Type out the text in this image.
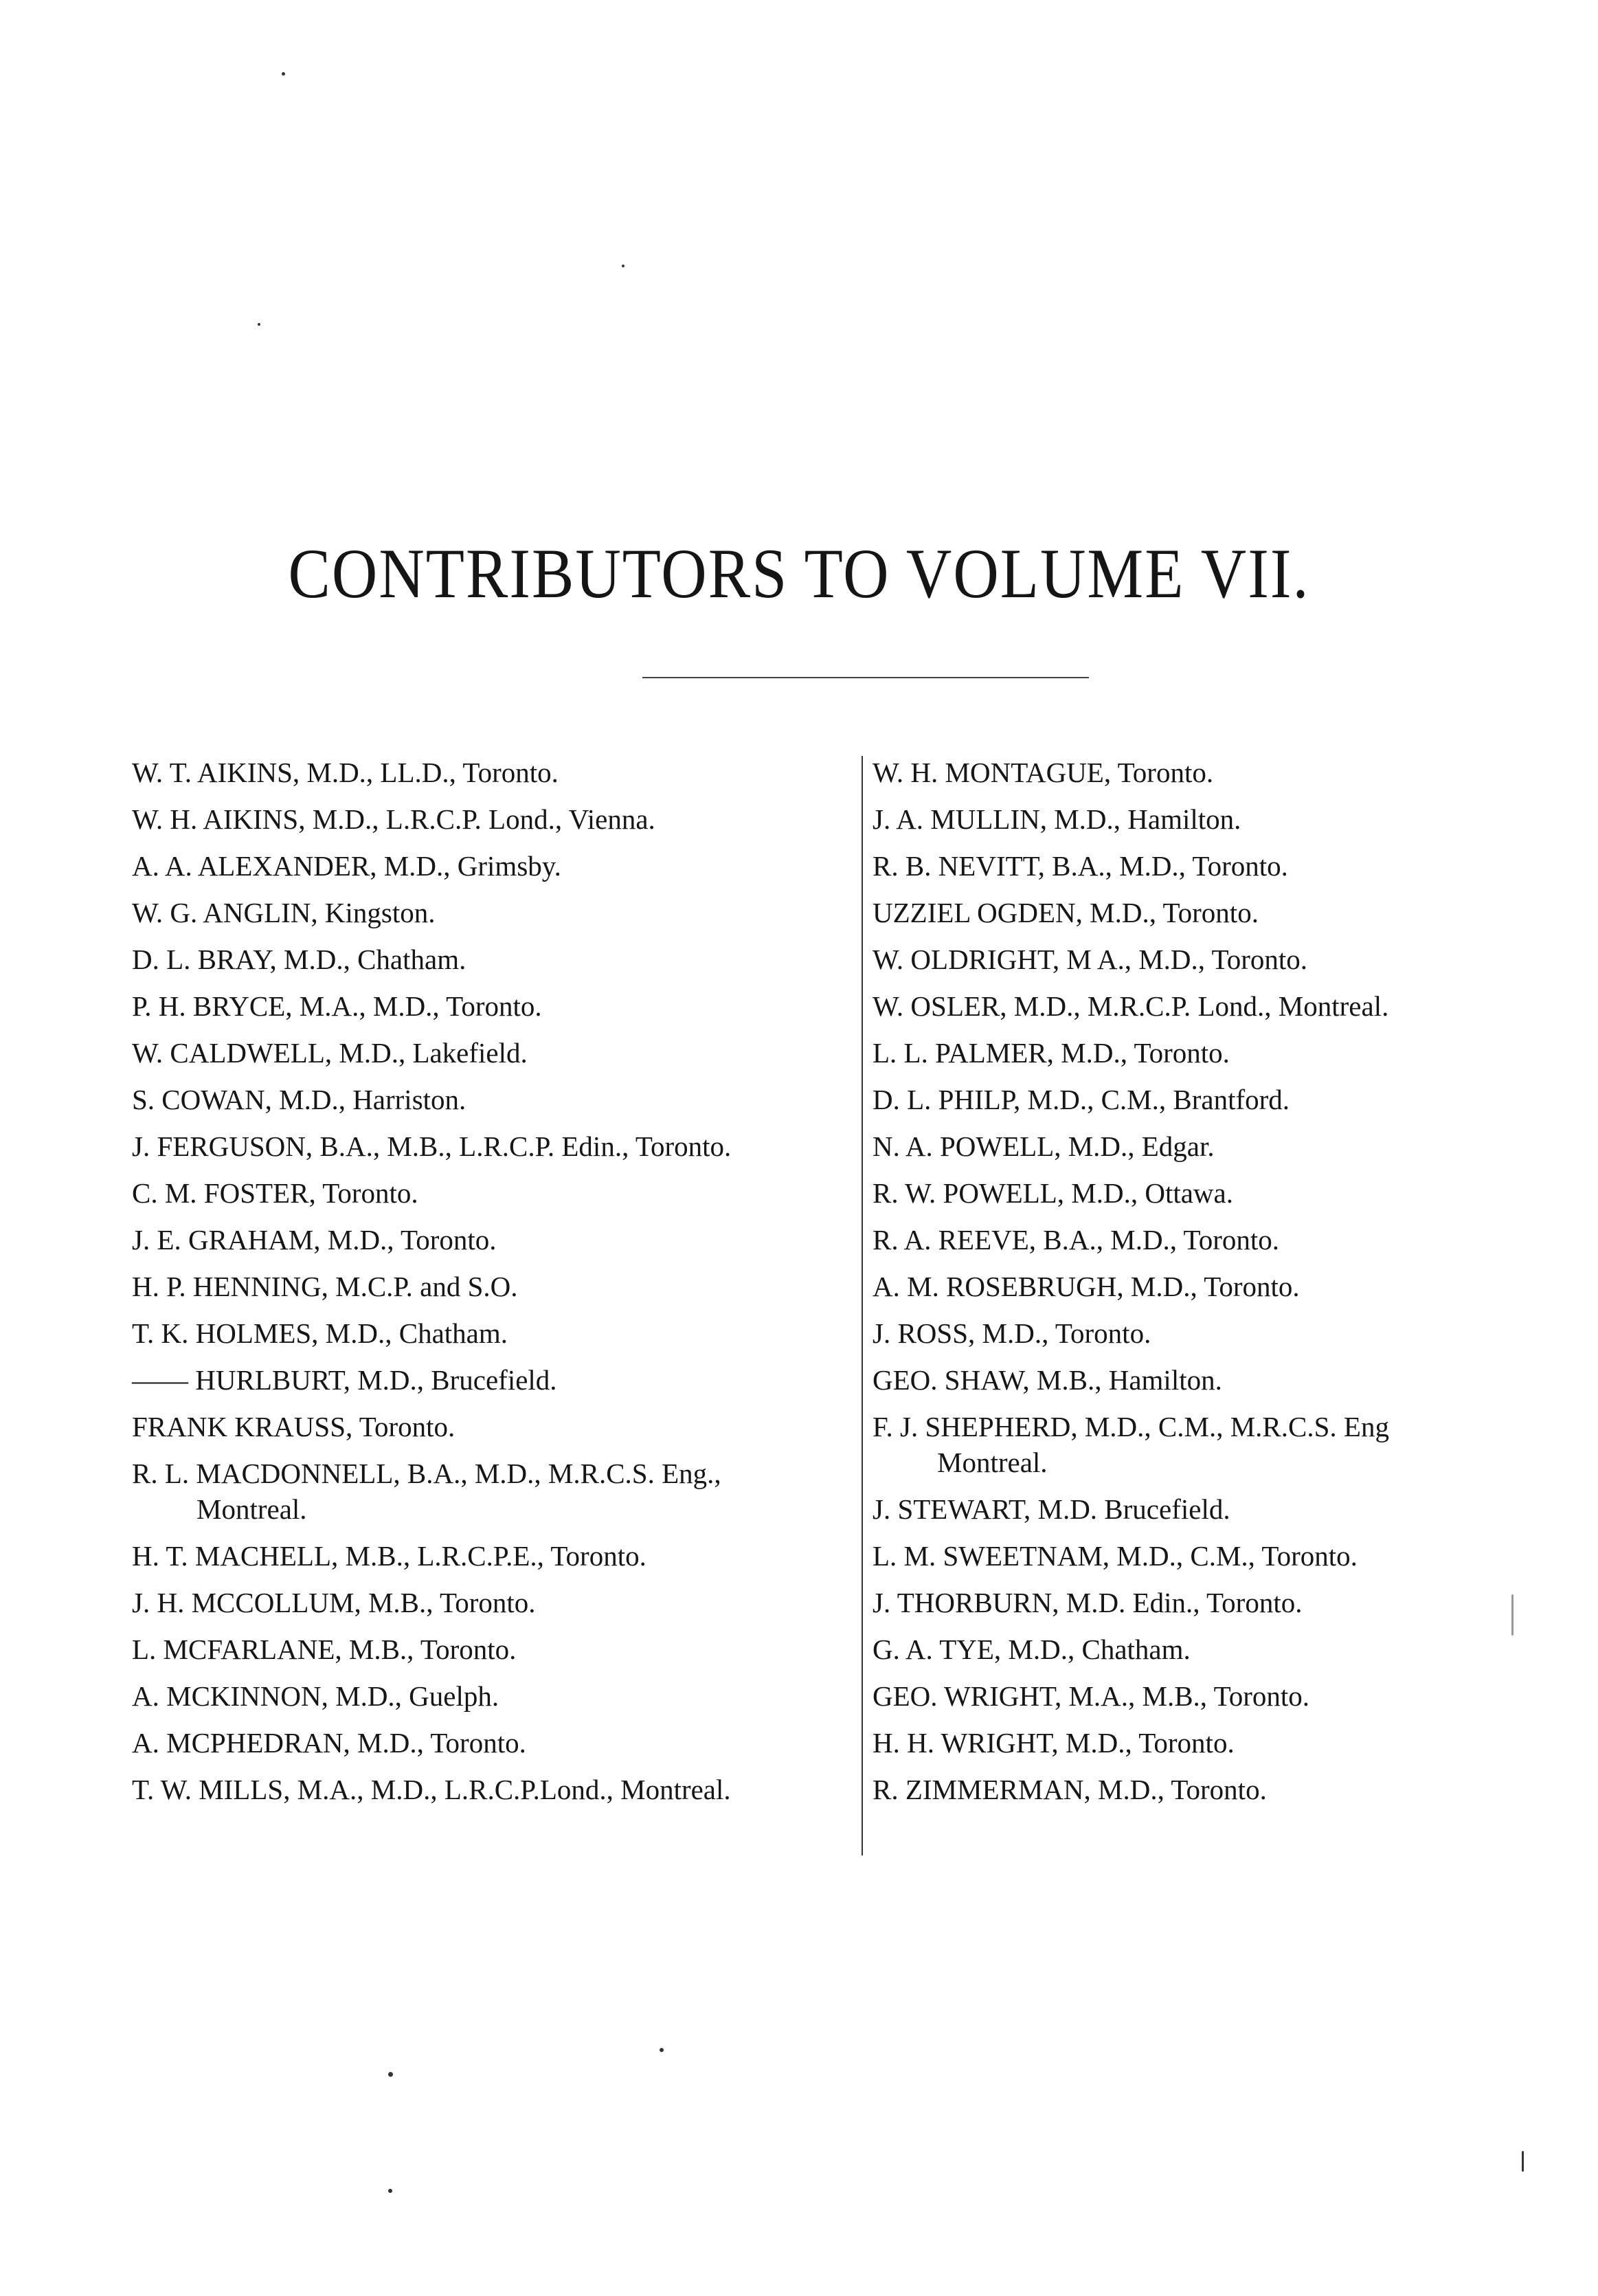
CONTRIBUTORS TO VOLUME VII.
W. T. AIKINS, M.D., LL.D., Toronto.
W. H. AIKINS, M.D., L.R.C.P. Lond., Vienna.
A. A. ALEXANDER, M.D., Grimsby.
W. G. ANGLIN, Kingston.
D. L. BRAY, M.D., Chatham.
P. H. BRYCE, M.A., M.D., Toronto.
W. CALDWELL, M.D., Lakefield.
S. COWAN, M.D., Harriston.
J. FERGUSON, B.A., M.B., L.R.C.P. Edin., Toronto.
C. M. FOSTER, Toronto.
J. E. GRAHAM, M.D., Toronto.
H. P. HENNING, M.C.P. and S.O.
T. K. HOLMES, M.D., Chatham.
—— HURLBURT, M.D., Brucefield.
FRANK KRAUSS, Toronto.
R. L. MACDONNELL, B.A., M.D., M.R.C.S. Eng.,
Montreal.
H. T. MACHELL, M.B., L.R.C.P.E., Toronto.
J. H. MCCOLLUM, M.B., Toronto.
L. MCFARLANE, M.B., Toronto.
A. MCKINNON, M.D., Guelph.
A. MCPHEDRAN, M.D., Toronto.
T. W. MILLS, M.A., M.D., L.R.C.P.Lond., Montreal.
W. H. MONTAGUE, Toronto.
J. A. MULLIN, M.D., Hamilton.
R. B. NEVITT, B.A., M.D., Toronto.
UZZIEL OGDEN, M.D., Toronto.
W. OLDRIGHT, M A., M.D., Toronto.
W. OSLER, M.D., M.R.C.P. Lond., Montreal.
L. L. PALMER, M.D., Toronto.
D. L. PHILP, M.D., C.M., Brantford.
N. A. POWELL, M.D., Edgar.
R. W. POWELL, M.D., Ottawa.
R. A. REEVE, B.A., M.D., Toronto.
A. M. ROSEBRUGH, M.D., Toronto.
J. ROSS, M.D., Toronto.
GEO. SHAW, M.B., Hamilton.
F. J. SHEPHERD, M.D., C.M., M.R.C.S. Eng
Montreal.
J. STEWART, M.D. Brucefield.
L. M. SWEETNAM, M.D., C.M., Toronto.
J. THORBURN, M.D. Edin., Toronto.
G. A. TYE, M.D., Chatham.
GEO. WRIGHT, M.A., M.B., Toronto.
H. H. WRIGHT, M.D., Toronto.
R. ZIMMERMAN, M.D., Toronto.
